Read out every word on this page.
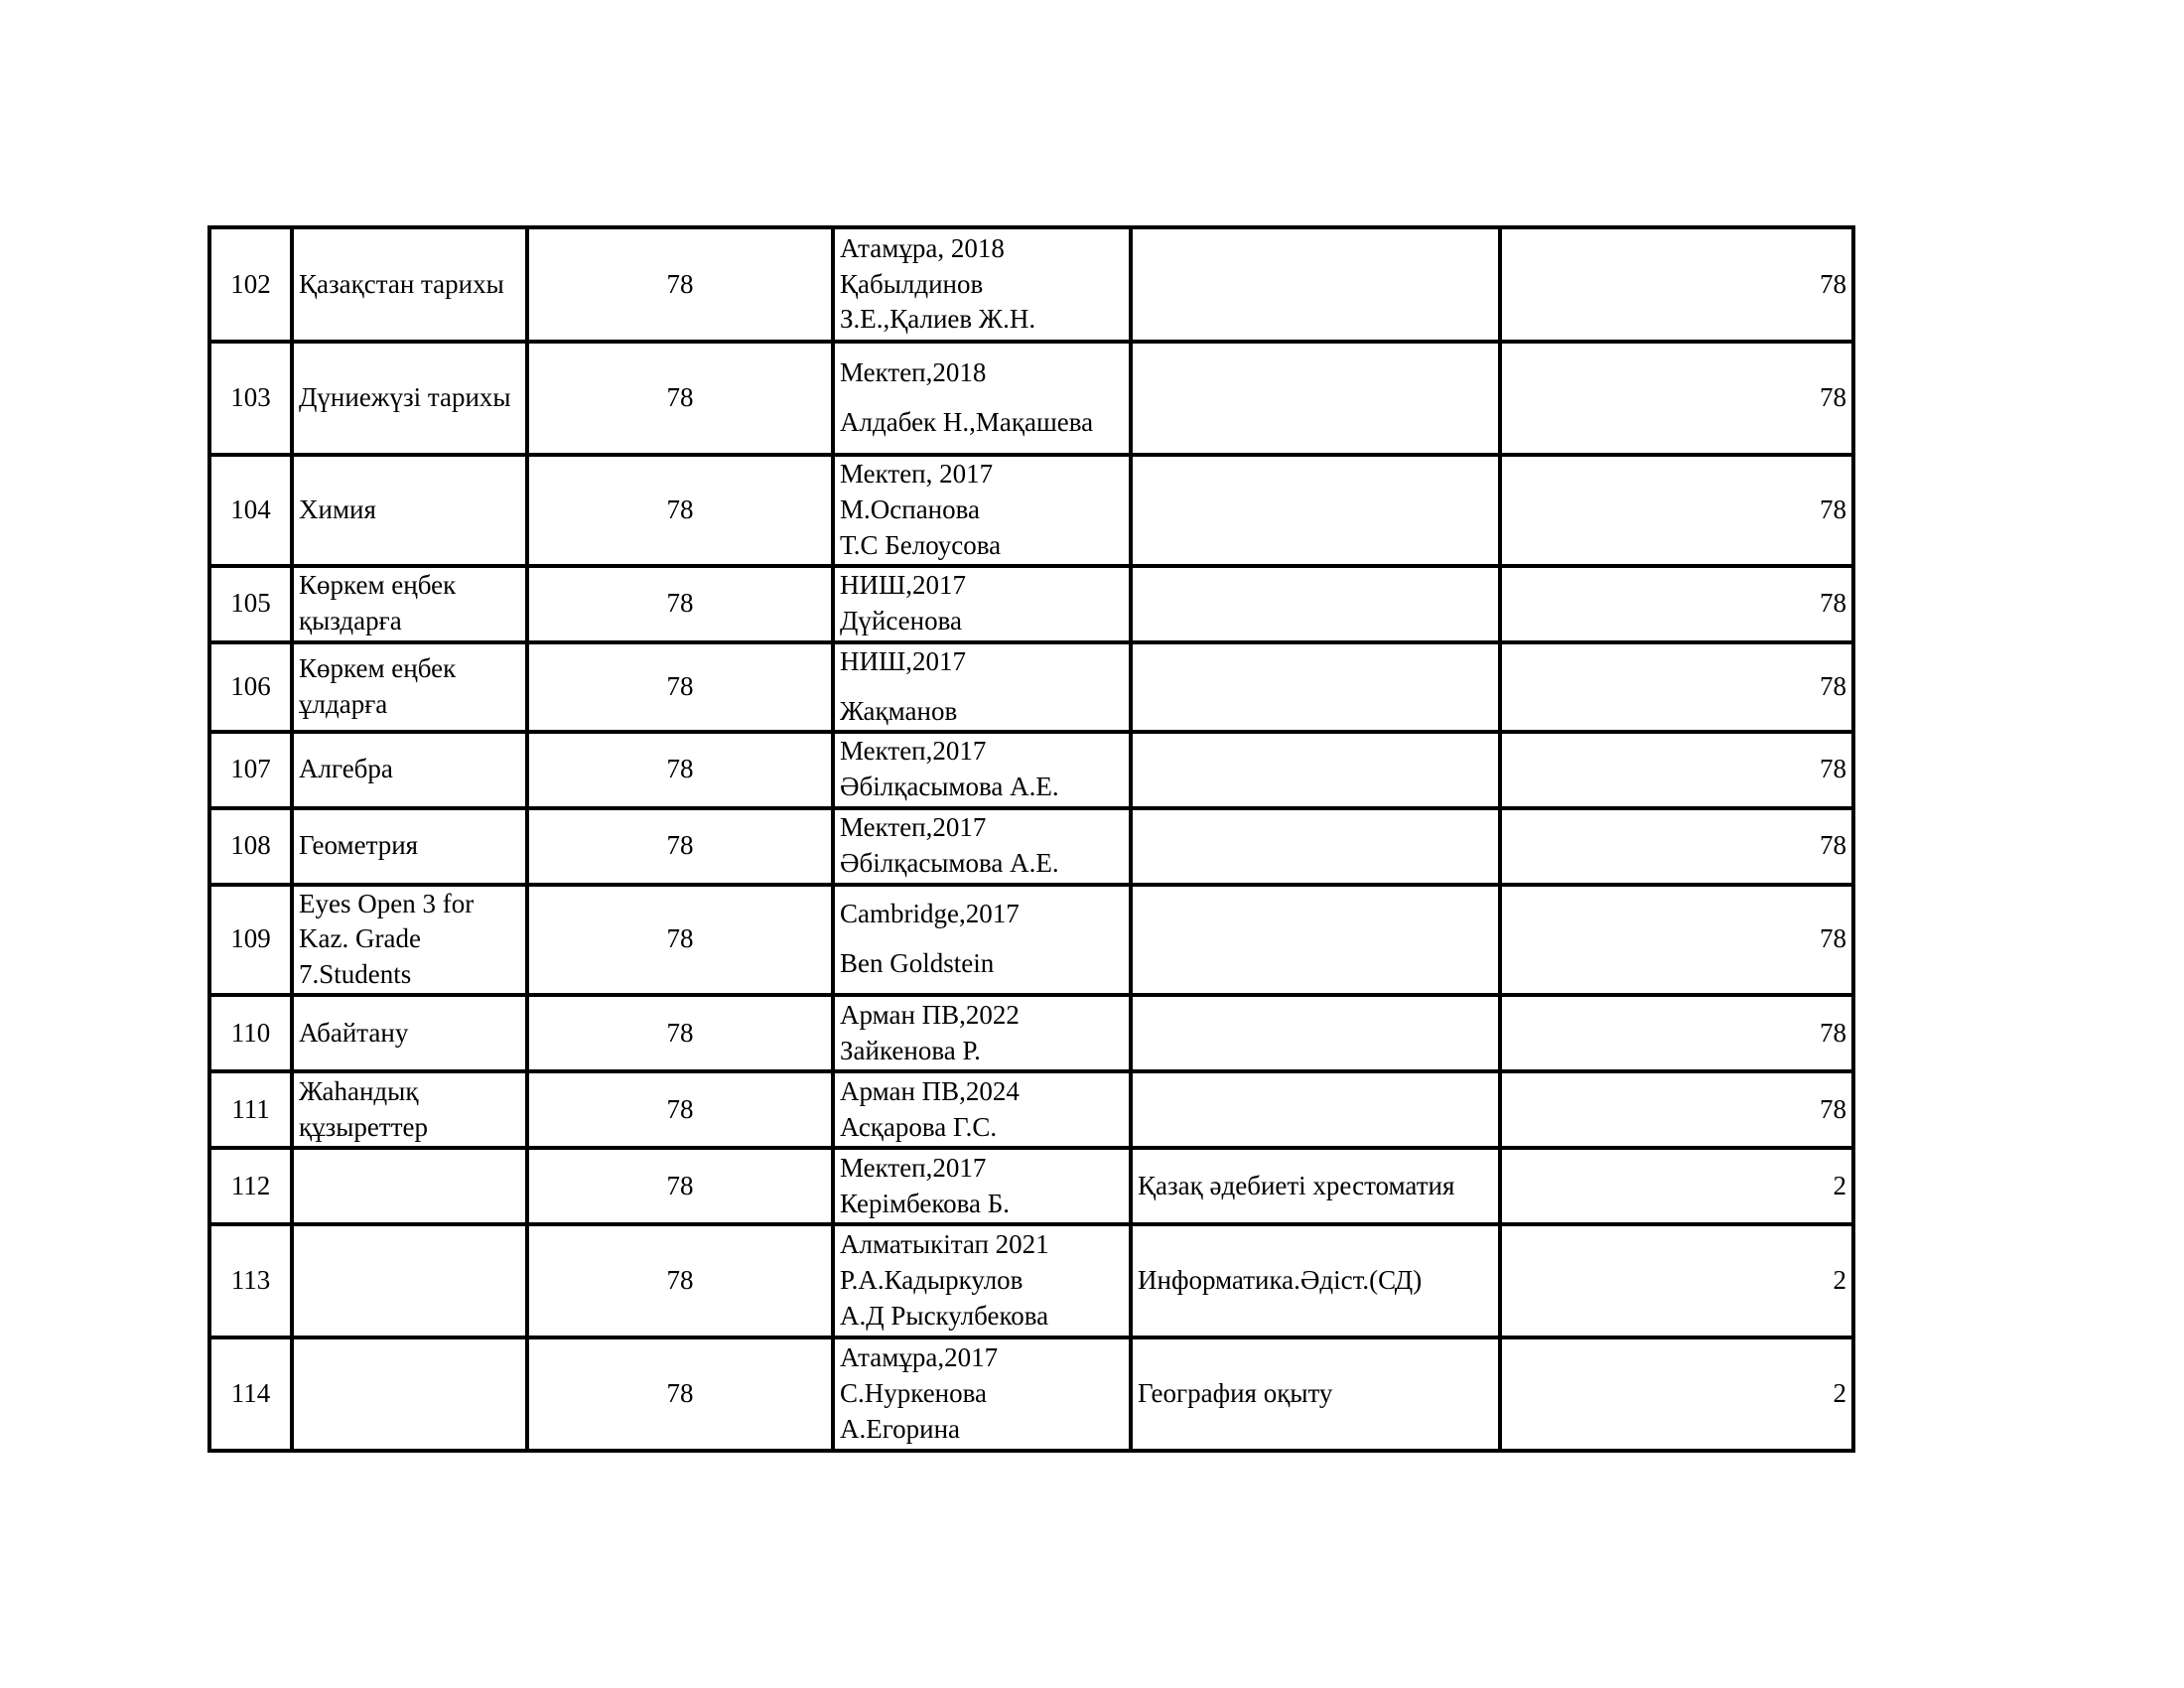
102	Қазақстан тарихы	78	Атамұра, 2018
Қабылдинов
З.Е.,Қалиев Ж.Н.		78
103	Дүниежүзі тарихы	78	Мектеп,2018
Алдабек Н.,Мақашева		78
104	Химия	78	Мектеп, 2017
М.Оспанова
Т.С Белоусова		78
105	Көркем еңбек
қыздарға	78	НИШ,2017
Дүйсенова		78
106	Көркем еңбек
ұлдарға	78	НИШ,2017
Жақманов		78
107	Алгебра	78	Мектеп,2017
Әбілқасымова А.Е.		78
108	Геометрия	78	Мектеп,2017
Әбілқасымова А.Е.		78
109	Eyes Open 3 for
Kaz. Grade
7.Students	78	Cambridge,2017
Ben Goldstein		78
110	Абайтану	78	Арман ПВ,2022
Зайкенова Р.		78
111	Жаһандық
құзыреттер	78	Арман ПВ,2024
Асқарова Г.С.		78
112		78	Мектеп,2017
Керімбекова Б.	Қазақ әдебиеті хрестоматия	2
113		78	Алматыкітап 2021
Р.А.Кадыркулов
А.Д Рыскулбекова	Информатика.Әдіст.(СД)	2
114		78	Атамұра,2017
С.Нуркенова
А.Егорина	География оқыту	2
